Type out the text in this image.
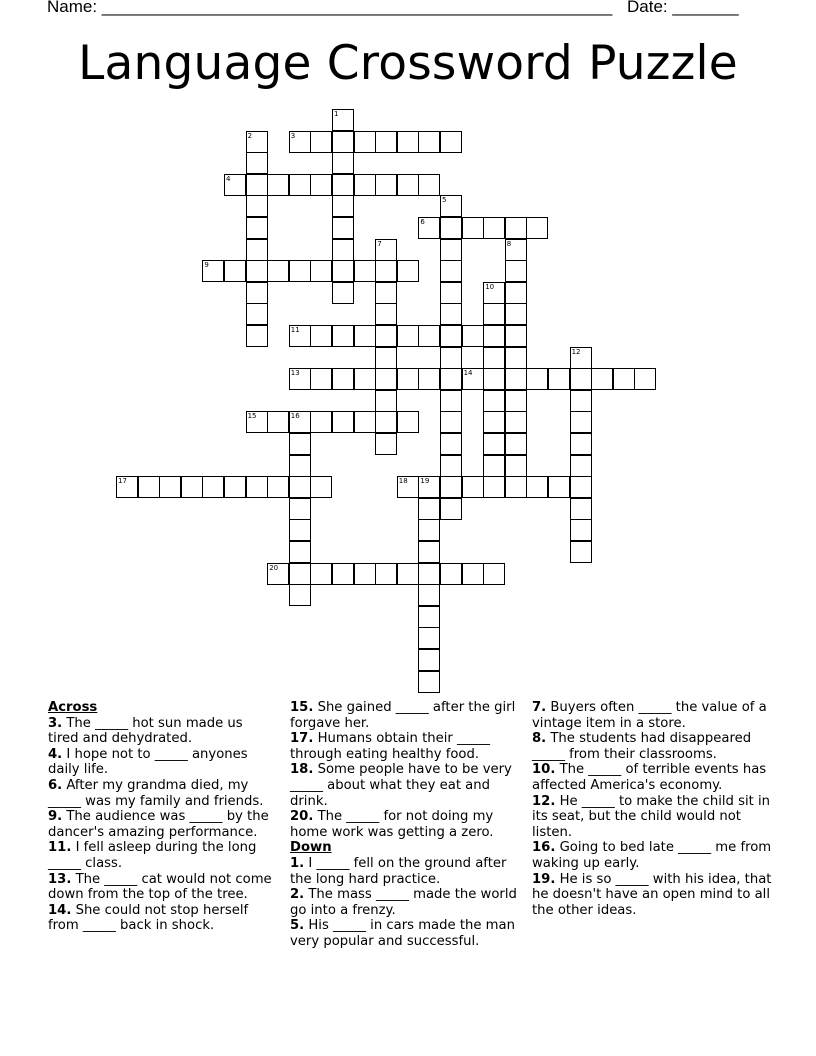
Name: ______________________________________________________ Date: _______
Language Crossword Puzzle
1
2	3
4
5
6
7	8
9
10
11
12
13	14
15	16
17	18 19
20
Across
3. The _____ hot sun made us tired and dehydrated.
4. I hope not to _____ anyones daily life.
6. After my grandma died, my _____ was my family and friends.
9. The audience was _____ by the dancer's amazing performance.
11. I fell asleep during the long _____ class.
13. The _____ cat would not come down from the top of the tree.
14. She could not stop herself from _____ back in shock.
15. She gained _____ after the girl forgave her.
17. Humans obtain their _____ through eating healthy food.
18. Some people have to be very _____ about what they eat and drink.
20. The _____ for not doing my home work was getting a zero.
Down
1. I _____ fell on the ground after the long hard practice.
2. The mass _____ made the world go into a frenzy.
5. His _____ in cars made the man very popular and successful.
7. Buyers often _____ the value of a vintage item in a store.
8. The students had disappeared _____ from their classrooms.
10. The _____ of terrible events has affected America's economy.
12. He _____ to make the child sit in its seat, but the child would not listen.
16. Going to bed late _____ me from waking up early.
19. He is so _____ with his idea, that he doesn't have an open mind to all the other ideas.
